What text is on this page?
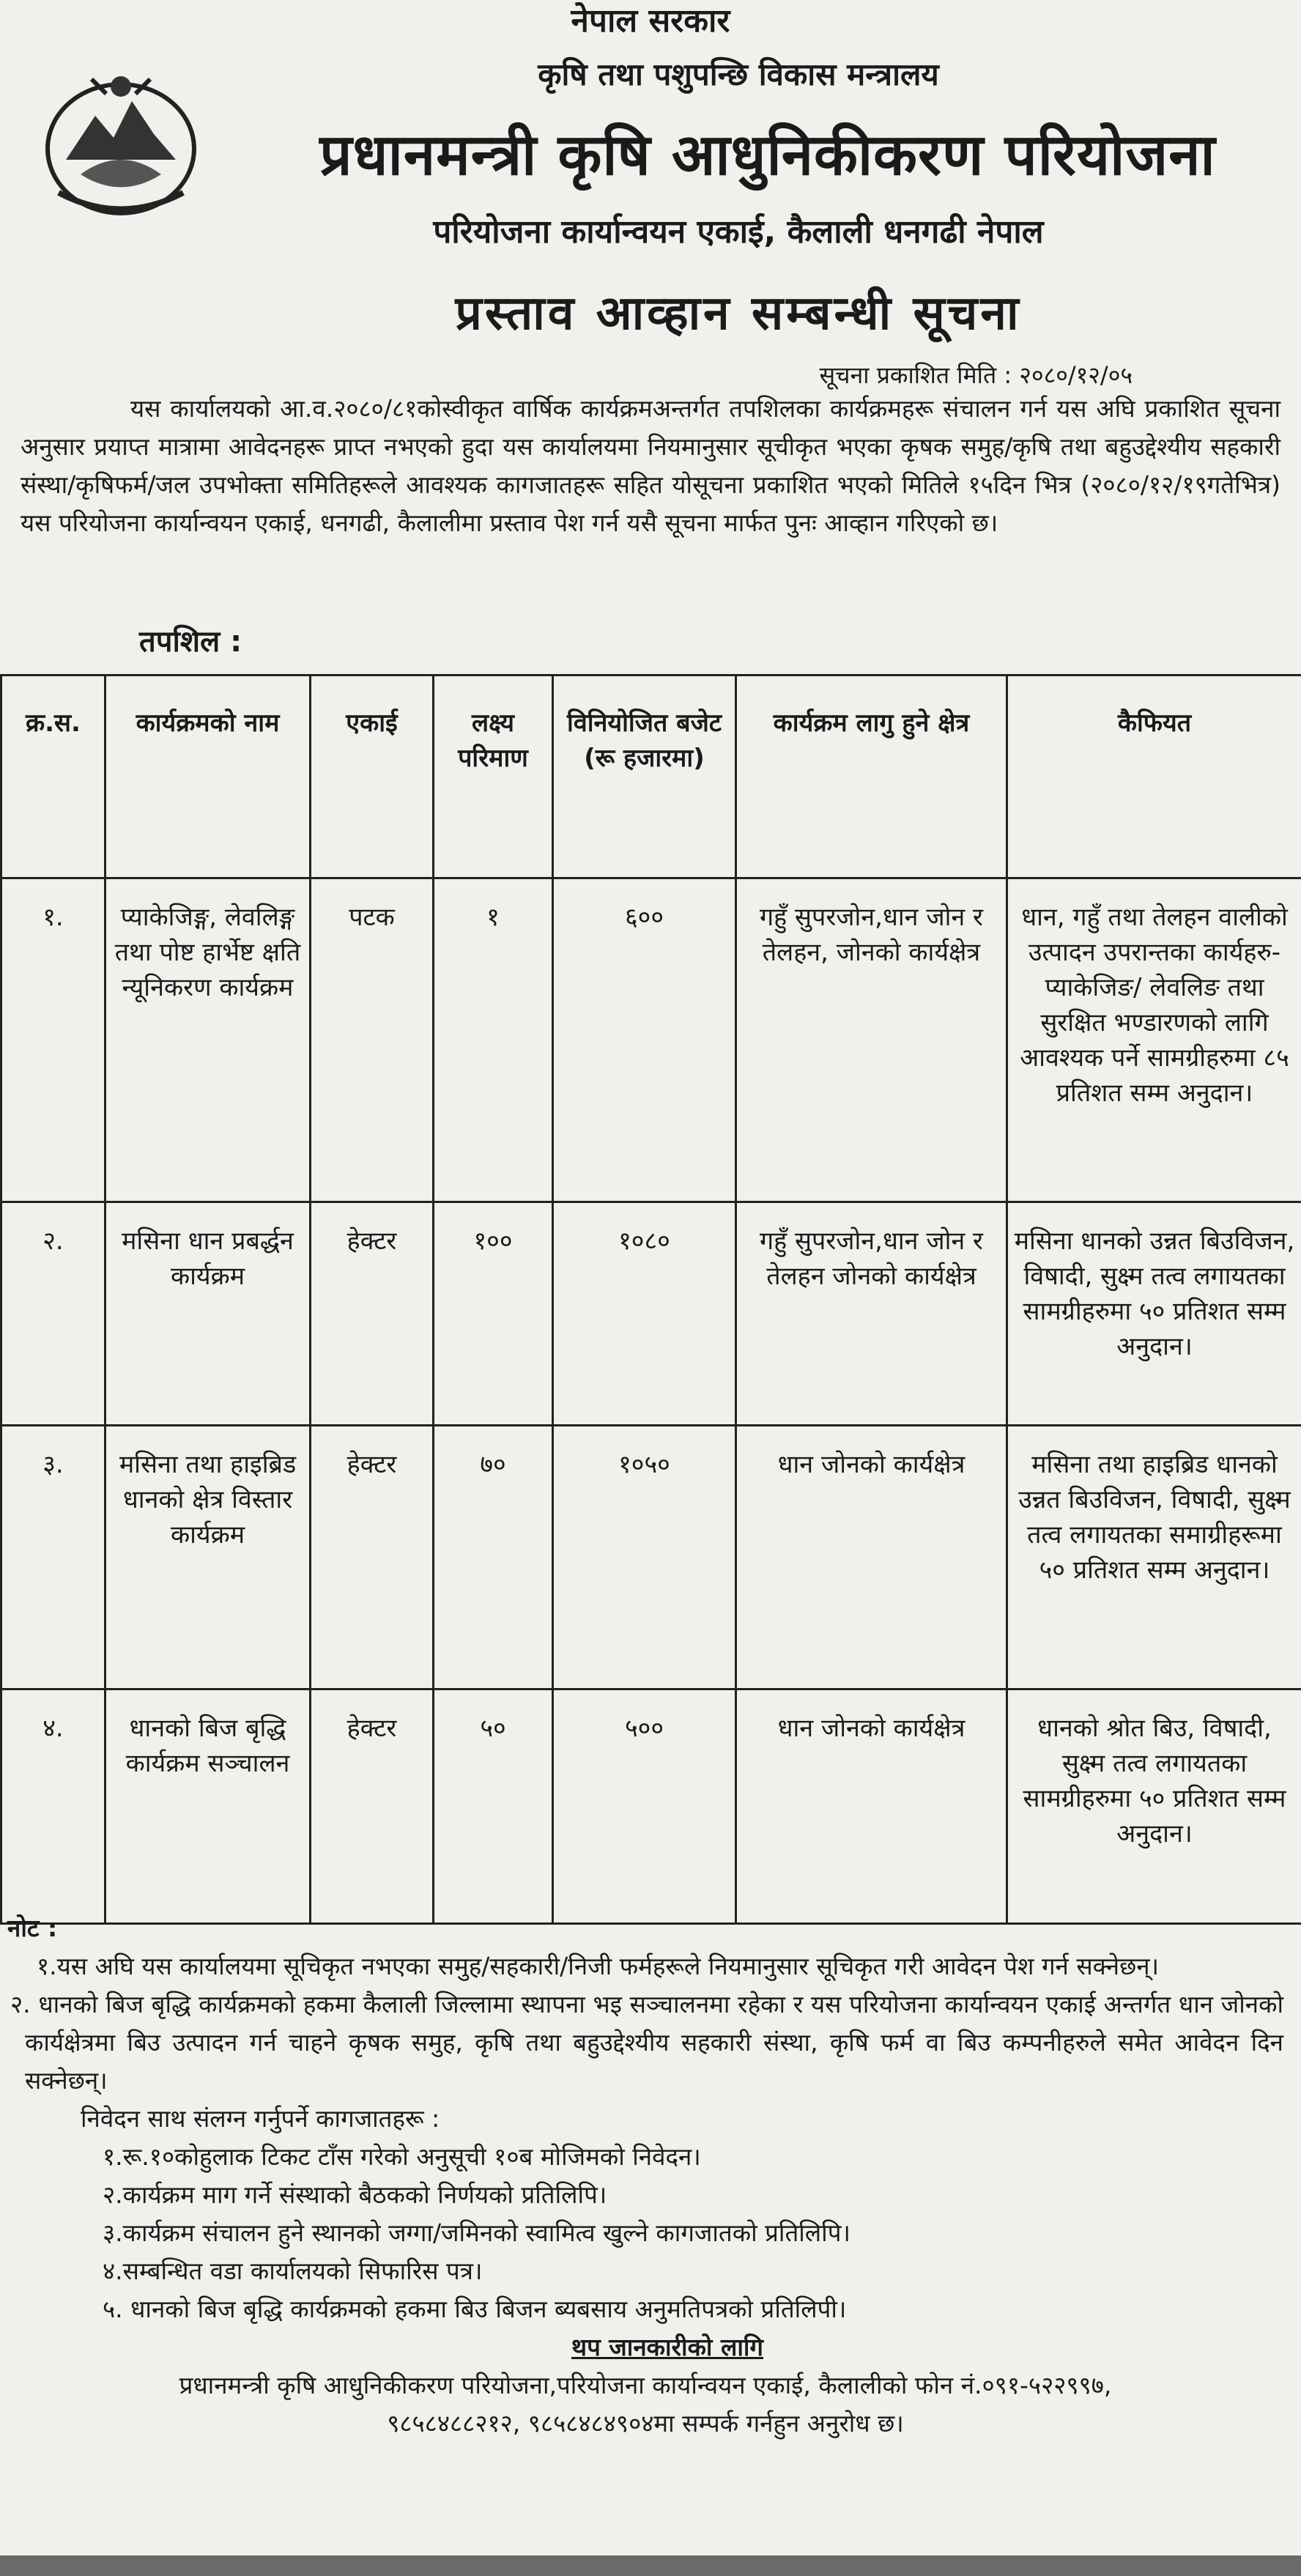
नेपाल सरकार
कृषि तथा पशुपन्छि विकास मन्त्रालय
प्रधानमन्त्री कृषि आधुनिकीकरण परियोजना
परियोजना कार्यान्वयन एकाई, कैलाली धनगढी नेपाल
प्रस्ताव आव्हान सम्बन्धी सूचना
सूचना प्रकाशित मिति : २०८०/१२/०५
यस कार्यालयको आ.व.२०८०/८१कोस्वीकृत वार्षिक कार्यक्रमअन्तर्गत तपशिलका कार्यक्रमहरू संचालन गर्न यस अघि प्रकाशित सूचना अनुसार प्रयाप्त मात्रामा आवेदनहरू प्राप्त नभएको हुदा यस कार्यालयमा नियमानुसार सूचीकृत भएका कृषक समुह/कृषि तथा बहुउद्देश्यीय सहकारी संस्था/कृषिफर्म/जल उपभोक्ता समितिहरूले आवश्यक कागजातहरू सहित योसूचना प्रकाशित भएको मितिले १५दिन भित्र (२०८०/१२/१९गतेभित्र) यस परियोजना कार्यान्वयन एकाई, धनगढी, कैलालीमा प्रस्ताव पेश गर्न यसै सूचना मार्फत पुनः आव्हान गरिएको छ।
तपशिल :
क्र.स.	कार्यक्रमको नाम	एकाई	लक्ष्य परिमाण	विनियोजित बजेट (रू हजारमा)	कार्यक्रम लागु हुने क्षेत्र	कैफियत
१.	प्याकेजिङ्ग, लेवलिङ्ग तथा पोष्ट हार्भेष्ट क्षति न्यूनिकरण कार्यक्रम	पटक	१	६००	गहुँ सुपरजोन,धान जोन र तेलहन, जोनको कार्यक्षेत्र	धान, गहुँ तथा तेलहन वालीको उत्पादन उपरान्तका कार्यहरु- प्याकेजिङ/ लेवलिङ तथा सुरक्षित भण्डारणको लागि आवश्यक पर्ने सामग्रीहरुमा ८५ प्रतिशत सम्म अनुदान।
२.	मसिना धान प्रबर्द्धन कार्यक्रम	हेक्टर	१००	१०८०	गहुँ सुपरजोन,धान जोन र तेलहन जोनको कार्यक्षेत्र	मसिना धानको उन्नत बिउविजन, विषादी, सुक्ष्म तत्व लगायतका सामग्रीहरुमा ५० प्रतिशत सम्म अनुदान।
३.	मसिना तथा हाइब्रिड धानको क्षेत्र विस्तार कार्यक्रम	हेक्टर	७०	१०५०	धान जोनको कार्यक्षेत्र	मसिना तथा हाइब्रिड धानको उन्नत बिउविजन, विषादी, सुक्ष्म तत्व लगायतका समाग्रीहरूमा ५० प्रतिशत सम्म अनुदान।
४.	धानको बिज बृद्धि कार्यक्रम सञ्चालन	हेक्टर	५०	५००	धान जोनको कार्यक्षेत्र	धानको श्रोत बिउ, विषादी, सुक्ष्म तत्व लगायतका सामग्रीहरुमा ५० प्रतिशत सम्म अनुदान।
नोट :
१.यस अघि यस कार्यालयमा सूचिकृत नभएका समुह/सहकारी/निजी फर्महरूले नियमानुसार सूचिकृत गरी आवेदन पेश गर्न सक्नेछन्।
२. धानको बिज बृद्धि कार्यक्रमको हकमा कैलाली जिल्लामा स्थापना भइ सञ्चालनमा रहेका र यस परियोजना कार्यान्वयन एकाई अन्तर्गत धान जोनको कार्यक्षेत्रमा बिउ उत्पादन गर्न चाहने कृषक समुह, कृषि तथा बहुउद्देश्यीय सहकारी संस्था, कृषि फर्म वा बिउ कम्पनीहरुले समेत आवेदन दिन सक्नेछन्।
निवेदन साथ संलग्न गर्नुपर्ने कागजातहरू :
१.रू.१०कोहुलाक टिकट टाँस गरेको अनुसूची १०ब मोजिमको निवेदन।
२.कार्यक्रम माग गर्ने संस्थाको बैठकको निर्णयको प्रतिलिपि।
३.कार्यक्रम संचालन हुने स्थानको जग्गा/जमिनको स्वामित्व खुल्ने कागजातको प्रतिलिपि।
४.सम्बन्धित वडा कार्यालयको सिफारिस पत्र।
५. धानको बिज बृद्धि कार्यक्रमको हकमा बिउ बिजन ब्यबसाय अनुमतिपत्रको प्रतिलिपी।
थप जानकारीको लागि
प्रधानमन्त्री कृषि आधुनिकीकरण परियोजना,परियोजना कार्यान्वयन एकाई, कैलालीको फोन नं.०९१-५२२९९७,
९८५८४८८२१२, ९८५८४८४९०४मा सम्पर्क गर्नहुन अनुरोध छ।
